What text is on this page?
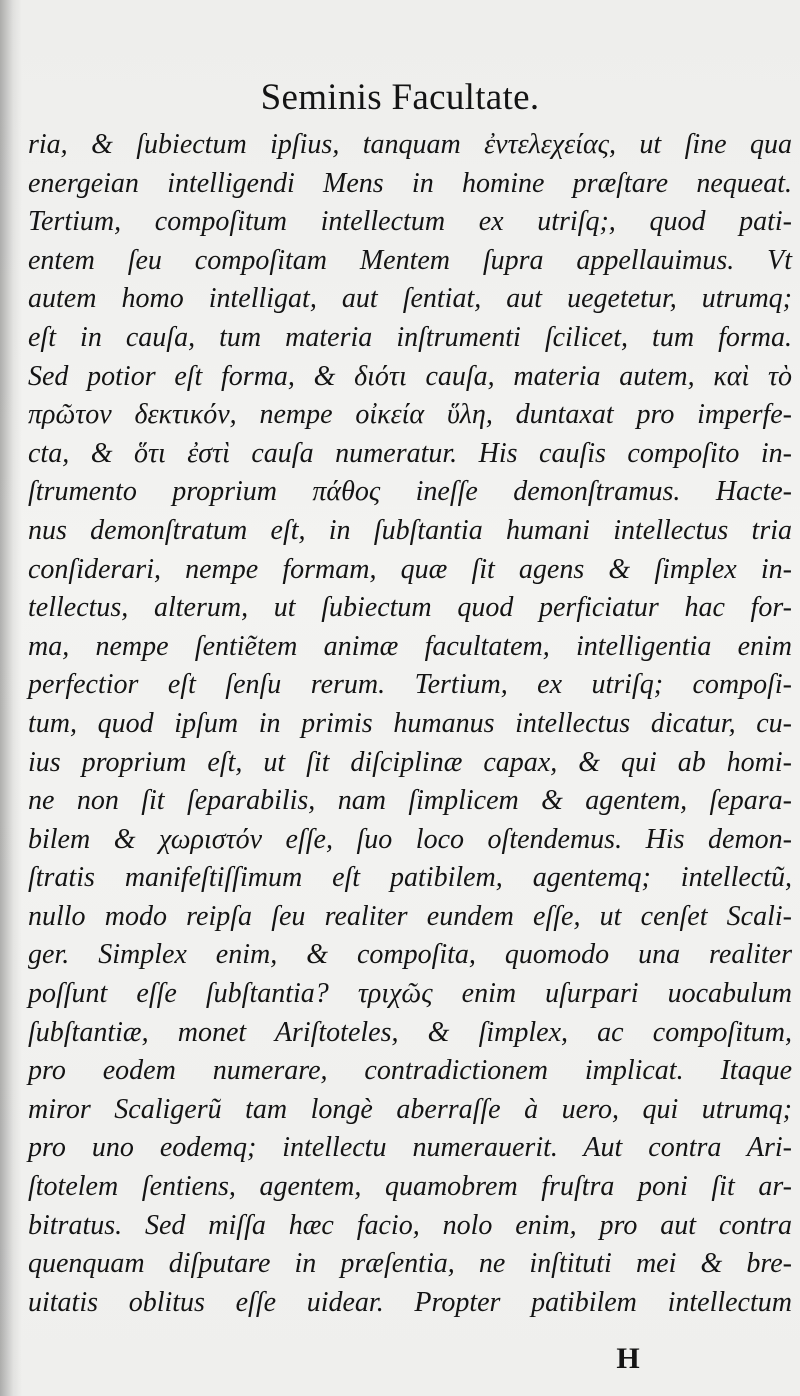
Seminis Facultate.
ria, & ſubiectum ipſius, tanquam ἐντελεχείας, ut ſine qua
energeian intelligendi Mens in homine præſtare nequeat.
Tertium, compoſitum intellectum ex utriſq;, quod pati-
entem ſeu compoſitam Mentem ſupra appellauimus. Vt
autem homo intelligat, aut ſentiat, aut uegetetur, utrumq;
eſt in cauſa, tum materia inſtrumenti ſcilicet, tum forma.
Sed potior eſt forma, & διότι cauſa, materia autem, καὶ τὸ
πρῶτον δεκτικόν, nempe οἰκεία ὕλη, duntaxat pro imperfe-
cta, & ὅτι ἐστὶ cauſa numeratur. His cauſis compoſito in-
ſtrumento proprium πάθος ineſſe demonſtramus. Hacte-
nus demonſtratum eſt, in ſubſtantia humani intellectus tria
conſiderari, nempe formam, quæ ſit agens & ſimplex in-
tellectus, alterum, ut ſubiectum quod perficiatur hac for-
ma, nempe ſentiẽtem animæ facultatem, intelligentia enim
perfectior eſt ſenſu rerum. Tertium, ex utriſq; compoſi-
tum, quod ipſum in primis humanus intellectus dicatur, cu-
ius proprium eſt, ut ſit diſciplinæ capax, & qui ab homi-
ne non ſit ſeparabilis, nam ſimplicem & agentem, ſepara-
bilem & χωριστόν eſſe, ſuo loco oſtendemus. His demon-
ſtratis manifeſtiſſimum eſt patibilem, agentemq; intellectũ,
nullo modo reipſa ſeu realiter eundem eſſe, ut cenſet Scali-
ger. Simplex enim, & compoſita, quomodo una realiter
poſſunt eſſe ſubſtantia? τριχῶς enim uſurpari uocabulum
ſubſtantiæ, monet Ariſtoteles, & ſimplex, ac compoſitum,
pro eodem numerare, contradictionem implicat. Itaque
miror Scaligerũ tam longè aberraſſe à uero, qui utrumq;
pro uno eodemq; intellectu numerauerit. Aut contra Ari-
ſtotelem ſentiens, agentem, quamobrem fruſtra poni ſit ar-
bitratus. Sed miſſa hæc facio, nolo enim, pro aut contra
quenquam diſputare in præſentia, ne inſtituti mei & bre-
uitatis oblitus eſſe uidear. Propter patibilem intellectum
H
